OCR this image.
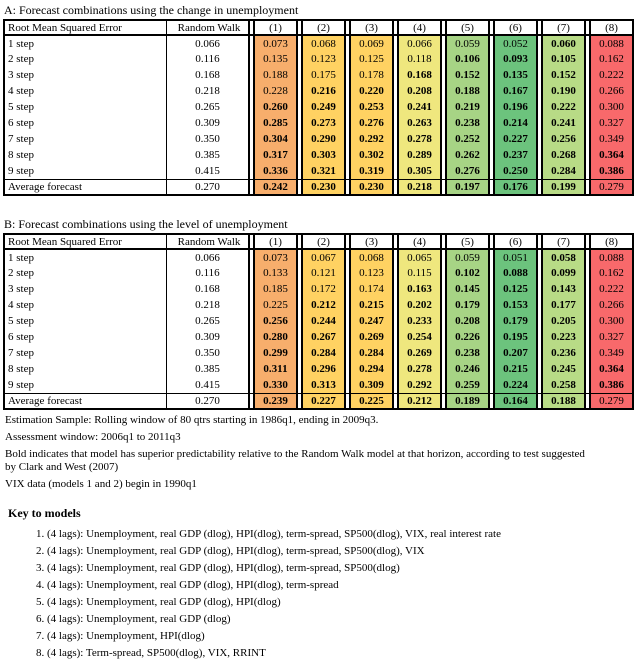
A: Forecast combinations using the change in unemployment
Root Mean Squared Error	Random Walk		(1)		(2)		(3)		(4)		(5)		(6)		(7)		(8)
1 step	0.066		0.073		0.068		0.069		0.066		0.059		0.052		0.060		0.088
2 step	0.116		0.135		0.123		0.125		0.118		0.106		0.093		0.105		0.162
3 step	0.168		0.188		0.175		0.178		0.168		0.152		0.135		0.152		0.222
4 step	0.218		0.228		0.216		0.220		0.208		0.188		0.167		0.190		0.266
5 step	0.265		0.260		0.249		0.253		0.241		0.219		0.196		0.222		0.300
6 step	0.309		0.285		0.273		0.276		0.263		0.238		0.214		0.241		0.327
7 step	0.350		0.304		0.290		0.292		0.278		0.252		0.227		0.256		0.349
8 step	0.385		0.317		0.303		0.302		0.289		0.262		0.237		0.268		0.364
9 step	0.415		0.336		0.321		0.319		0.305		0.276		0.250		0.284		0.386
Average forecast	0.270		0.242		0.230		0.230		0.218		0.197		0.176		0.199		0.279
B: Forecast combinations using the level of unemployment
Root Mean Squared Error	Random Walk		(1)		(2)		(3)		(4)		(5)		(6)		(7)		(8)
1 step	0.066		0.073		0.067		0.068		0.065		0.059		0.051		0.058		0.088
2 step	0.116		0.133		0.121		0.123		0.115		0.102		0.088		0.099		0.162
3 step	0.168		0.185		0.172		0.174		0.163		0.145		0.125		0.143		0.222
4 step	0.218		0.225		0.212		0.215		0.202		0.179		0.153		0.177		0.266
5 step	0.265		0.256		0.244		0.247		0.233		0.208		0.179		0.205		0.300
6 step	0.309		0.280		0.267		0.269		0.254		0.226		0.195		0.223		0.327
7 step	0.350		0.299		0.284		0.284		0.269		0.238		0.207		0.236		0.349
8 step	0.385		0.311		0.296		0.294		0.278		0.246		0.215		0.245		0.364
9 step	0.415		0.330		0.313		0.309		0.292		0.259		0.224		0.258		0.386
Average forecast	0.270		0.239		0.227		0.225		0.212		0.189		0.164		0.188		0.279

Estimation Sample: Rolling window of 80 qtrs starting in 1986q1, ending in 2009q3.

Assessment window: 2006q1 to 2011q3

Bold indicates that model has superior predictability relative to the Random Walk model at that horizon, according to test suggested by Clark and West (2007)

VIX data (models 1 and 2) begin in 1990q1

Key to models
1. (4 lags): Unemployment, real GDP (dlog), HPI(dlog), term-spread, SP500(dlog), VIX, real interest rate
2. (4 lags): Unemployment, real GDP (dlog), HPI(dlog), term-spread, SP500(dlog), VIX
3. (4 lags): Unemployment, real GDP (dlog), HPI(dlog), term-spread, SP500(dlog)
4. (4 lags): Unemployment, real GDP (dlog), HPI(dlog), term-spread
5. (4 lags): Unemployment, real GDP (dlog), HPI(dlog)
6. (4 lags): Unemployment, real GDP (dlog)
7. (4 lags): Unemployment, HPI(dlog)
8. (4 lags): Term-spread, SP500(dlog), VIX, RRINT
